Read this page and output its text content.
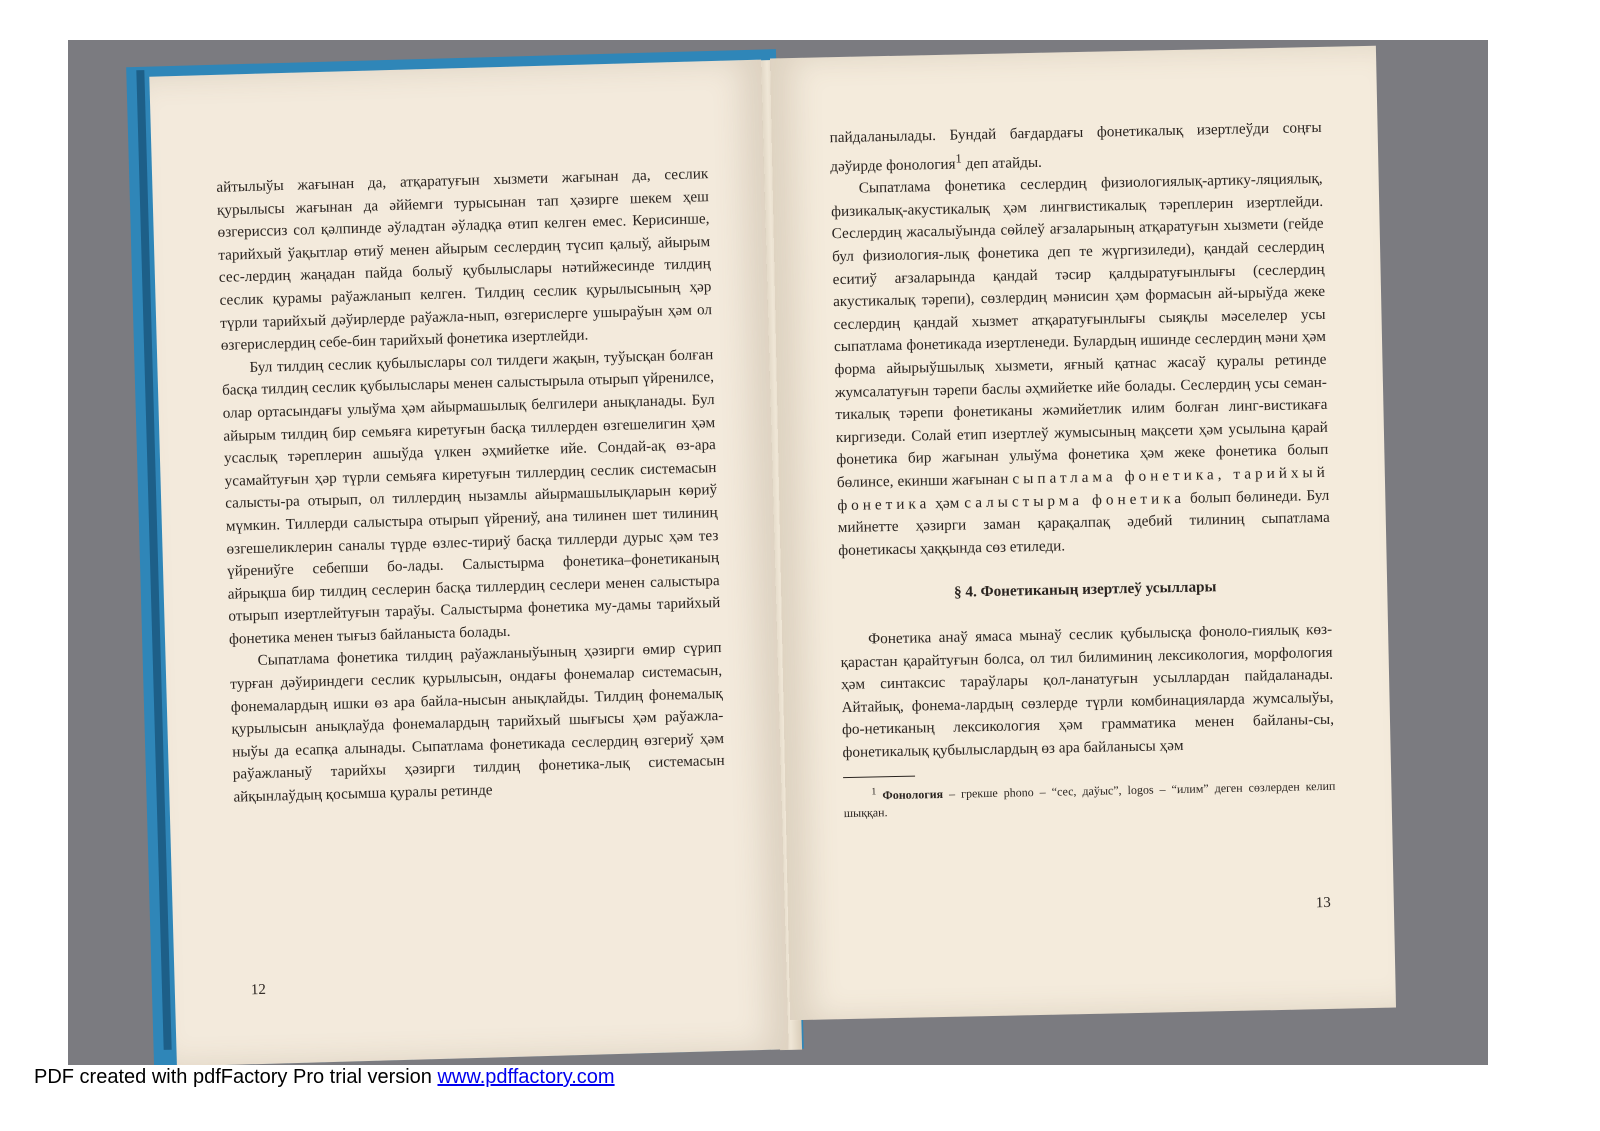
айтылыўы жағынан да, атқаратуғын хызмети жағынан да, сеслик қурылысы жағынан да әййемги турысынан тап ҳәзирге шекем ҳеш өзгериссиз сол қәлпинде әўладтан әўладқа өтип келген емес. Керисинше, тарийхый ўақытлар өтиў менен айырым сеслердиң түсип қалыў, айырым сес-лердиң жаңадан пайда болыў қубылыслары нәтийжесинде тилдиң сеслик қурамы раўажланып келген. Тилдиң сеслик қурылысының ҳәр түрли тарийхый дәўирлерде раўажла-нып, өзгерислерге ушыраўын ҳәм ол өзгерислердиң себе-бин тарийхый фонетика изертлейди.

Бул тилдиң сеслик қубылыслары сол тилдеги жақын, туўысқан болған басқа тилдиң сеслик қубылыслары менен салыстырыла отырып үйренилсе, олар ортасындағы улыўма ҳәм айырмашылық белгилери анықланады. Бул айырым тилдиң бир семьяға киретуғын басқа тиллерден өзгешелигин ҳәм усаслық тәреплерин ашыўда үлкен әҳмийетке ийе. Сондай-ақ өз-ара усамайтуғын ҳәр түрли семьяға киретуғын тиллердиң сеслик системасын салысты-ра отырып, ол тиллердиң нызамлы айырмашылықларын көриў мүмкин. Тиллерди салыстыра отырып үйрениў, ана тилинен шет тилиниң өзгешеликлерин саналы түрде өзлес-тириў басқа тиллерди дурыс ҳәм тез үйрениўге себепши бо-лады. Салыстырма фонетика–фонетиканың айрықша бир тилдиң сеслерин басқа тиллердиң сеслери менен салыстыра отырып изертлейтуғын тараўы. Салыстырма фонетика му-дамы тарийхый фонетика менен тығыз байланыста болады.

Сыпатлама фонетика тилдиң раўажланыўының ҳәзирги өмир сүрип турған дәўириндеги сеслик қурылысын, ондағы фонемалар системасын, фонемалардың ишки өз ара байла-нысын анықлайды. Тилдиң фонемалық қурылысын анықлаўда фонемалардың тарийхый шығысы ҳәм раўажла-ныўы да есапқа алынады. Сыпатлама фонетикада сеслердиң өзгериў ҳәм раўажланыў тарийхы ҳәзирги тилдиң фонетика-лық системасын айқынлаўдың қосымша қуралы ретинде

12

пайдаланылады. Бундай бағдардағы фонетикалық изертлеўди соңғы дәўирде фонология$^1$ деп атайды.

Сыпатлама фонетика сеслердиң физиологиялық-артику-ляциялық, физикалық-акустикалық ҳәм лингвистикалық тәреплерин изертлейди. Сеслердиң жасалыўында сөйлеў ағзаларының атқаратуғын хызмети (гейде бул физиология-лық фонетика деп те жүргизиледи), қандай сеслердиң еситиў ағзаларында қандай тәсир қалдыратуғынлығы (сеслердиң акустикалық тәрепи), сөзлердиң мәнисин ҳәм формасын ай-ырыўда жеке сеслердиң қандай хызмет атқаратуғынлығы сыяқлы мәселелер усы сыпатлама фонетикада изертленеди. Булардың ишинде сеслердиң мәни ҳәм форма айырыўшылық хызмети, яғный қатнас жасаў қуралы ретинде жумсалатуғын тәрепи баслы әҳмийетке ийе болады. Сеслердиң усы семан-тикалық тәрепи фонетиканы жәмийетлик илим болған линг-вистикаға киргизеди. Солай етип изертлеў жумысының мақсети ҳәм усылына қарай фонетика бир жағынан улыўма фонетика ҳәм жеке фонетика болып бөлинсе, екинши жағынан сыпатлама фонетика, тарийхый фонетика ҳәм салыстырма фонетика болып бөлинеди. Бул мийнетте ҳәзирги заман қарақалпақ әдебий тилиниң сыпатлама фонетикасы ҳаққында сөз етиледи.

§ 4. Фонетиканың изертлеў усыллары

Фонетика анаў ямаса мынаў сеслик қубылысқа фоноло-гиялық көз-қарастан қарайтуғын болса, ол тил билиминиң лексикология, морфология ҳәм синтаксис тараўлары қол-ланатуғын усыллардан пайдаланады. Айтайық, фонема-лардың сөзлерде түрли комбинацияларда жумсалыўы, фо-нетиканың лексикология ҳәм грамматика менен байланы-сы, фонетикалық қубылыслардың өз ара байланысы ҳәм

$^1$ Фонология – грекше phono – “сес, даўыс”, logos – “илим” деген сөзлерден келип шыққан.

13
PDF created with pdfFactory Pro trial version www.pdffactory.com
